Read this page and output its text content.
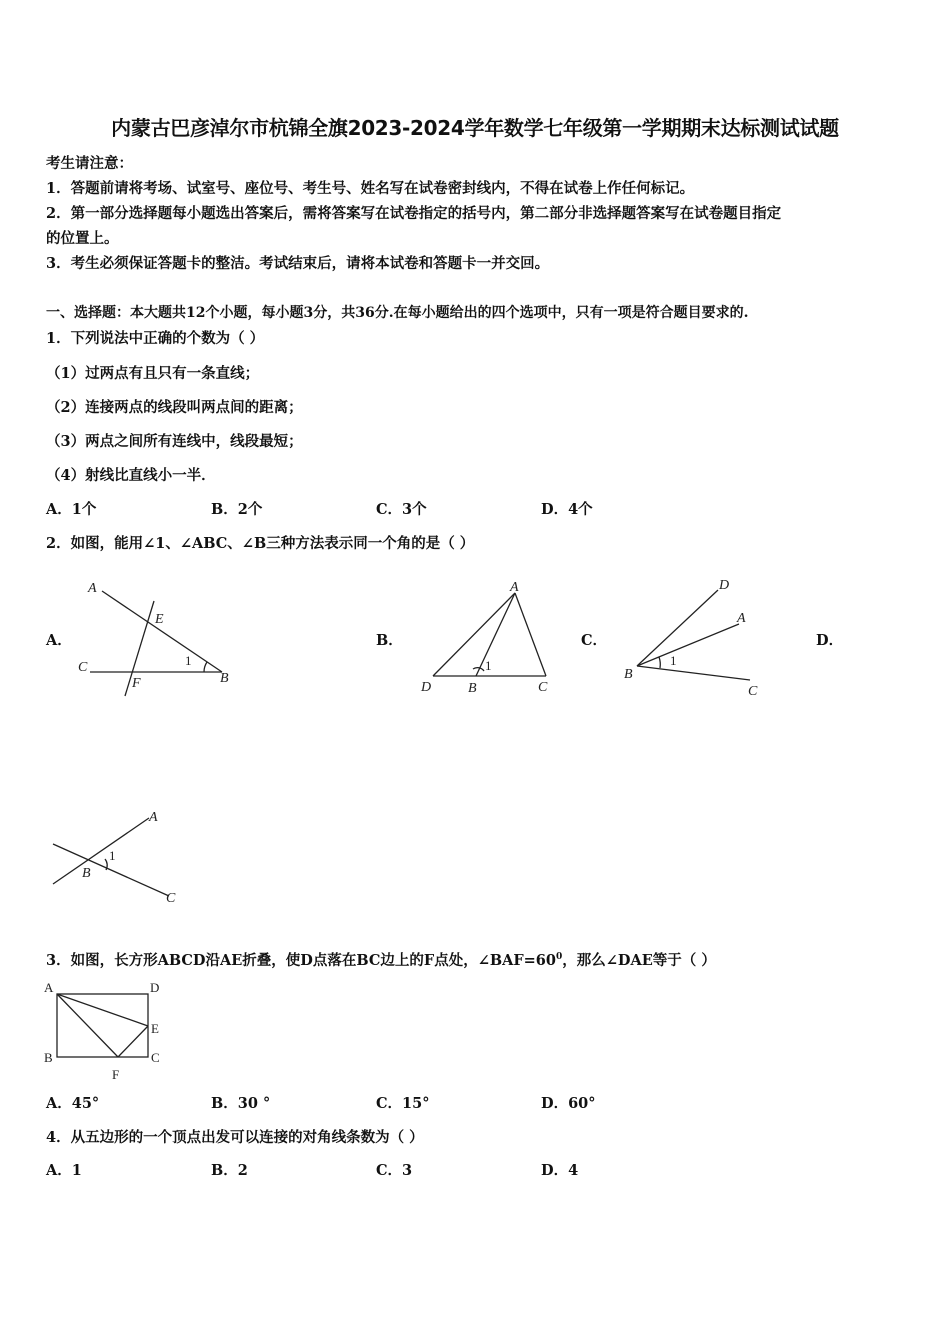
内蒙古巴彦淖尔市杭锦全旗2023-2024学年数学七年级第一学期期末达标测试试题
考生请注意：
1．答题前请将考场、试室号、座位号、考生号、姓名写在试卷密封线内，不得在试卷上作任何标记。
2．第一部分选择题每小题选出答案后，需将答案写在试卷指定的括号内，第二部分非选择题答案写在试卷题目指定
的位置上。
3．考生必须保证答题卡的整洁。考试结束后，请将本试卷和答题卡一并交回。
一、选择题：本大题共12个小题，每小题3分，共36分.在每小题给出的四个选项中，只有一项是符合题目要求的.
1．下列说法中正确的个数为（ ）
（1）过两点有且只有一条直线；
（2）连接两点的线段叫两点间的距离；
（3）两点之间所有连线中，线段最短；
（4）射线比直线小一半．
A．1个	B．2个	C．3个	D．4个
2．如图，能用∠1、∠ABC、∠B三种方法表示同一个角的是（ ）
A．	B．	C．	D．
A
E
C	1
B
F
A
1
D	B	C
D
A
B
1
C
A
1
B
C
3．如图，长方形ABCD沿AE折叠，使D点落在BC边上的F点处，$\angle BAF=60^0$，那么∠DAE等于（ ）
A	D
E
B	C
F
A．45°	B．30 °	C．15°	D．60°
4．从五边形的一个顶点出发可以连接的对角线条数为（ ）
A．1	B．2	C．3	D．4
